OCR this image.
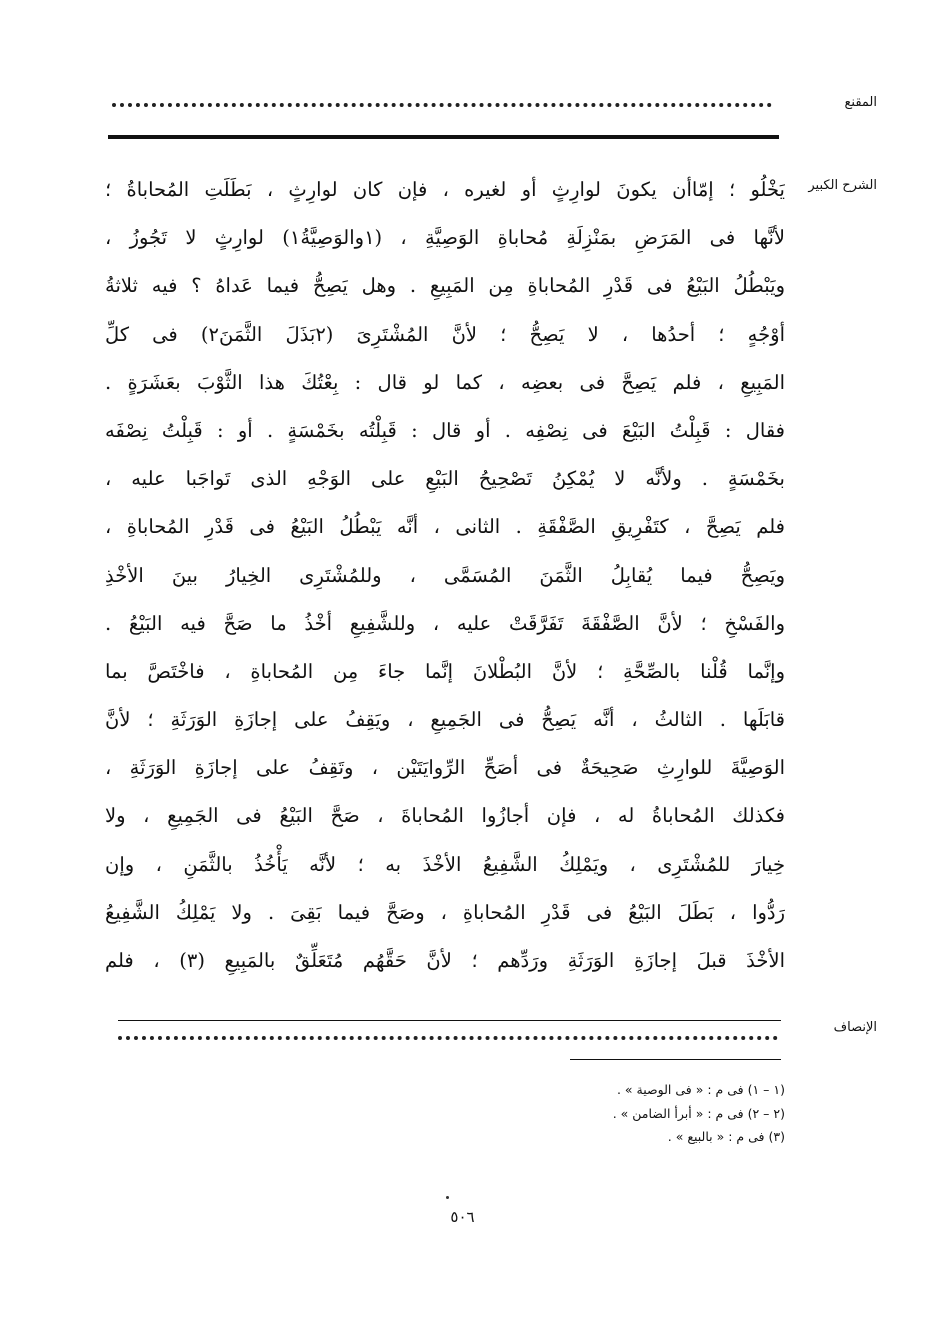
المقنع
الشرح الكبير
يَخْلُو ؛ إمّاأن يكونَ لوارِثٍ أو لغيره ، فإن كان لوارِثٍ ، بَطَلَتِ المُحاباةُ ؛
لأنَّها فى المَرَضِ بمَنْزِلَةِ مُحاباةِ الوَصِيَّةِ ، (١والوَصِيَّةُ١) لوارِثٍ لا تَجُوزُ ،
ويَبْطُلُ البَيْعُ فى قَدْرِ المُحاباةِ مِن المَبِيعِ . وهل يَصِحُّ فيما عَداهُ ؟ فيه ثلاثةُ
أوْجُهٍ ؛ أحدُها ، لا يَصِحُّ ؛ لأنَّ المُشْتَرِىَ (٢بَذَلَ الثَّمَنَ٢) فى كلِّ
المَبِيعِ ، فلم يَصِحَّ فى بعضِه ، كما لو قال : بِعْتُكَ هذا الثَّوْبَ بعَشَرَةٍ .
فقال : قَبِلْتُ البَيْعَ فى نِصْفِه . أو قال : قَبِلْتُه بخَمْسَةٍ . أو : قَبِلْتُ نِصْفَه
بخَمْسَةٍ . ولأنَّه لا يُمْكِنُ تَصْحِيحُ البَيْعِ على الوَجْهِ الذى تَواجَبا عليه ،
فلم يَصِحَّ ، كتَفْرِيقِ الصَّفْقَةِ . الثانى ، أنَّه يَبْطُلُ البَيْعُ فى قَدْرِ المُحاباةِ ،
ويَصِحُّ فيما يُقابِلُ الثَّمَنَ المُسَمَّى ، وللمُشْتَرِى الخِيارُ بينَ الأخْذِ
والفَسْخِ ؛ لأنَّ الصَّفْقَةَ تَفَرَّقَتْ عليه ، وللشَّفِيعِ أخْذُ ما صَحَّ فيه البَيْعُ .
وإنَّما قُلْنا بالصِّحَّةِ ؛ لأنَّ البُطْلانَ إنَّما جاءَ مِن المُحاباةِ ، فاخْتَصَّ بما
قابَلَها . الثالثُ ، أنَّه يَصِحُّ فى الجَمِيعِ ، ويَقِفُ على إجازَةِ الوَرَثَةِ ؛ لأنَّ
الوَصِيَّةَ للوارِثِ صَحِيحَةٌ فى أصَحِّ الرِّوايَتَيْن ، وتَقِفُ على إجازَةِ الوَرَثَةِ ،
فكذلك المُحاباةُ له ، فإن أجازُوا المُحاباةَ ، صَحَّ البَيْعُ فى الجَمِيعِ ، ولا
خِيارَ للمُشْتَرِى ، ويَمْلِكُ الشَّفِيعُ الأخْذَ به ؛ لأنَّه يَأْخُذُ بالثَّمَنِ ، وإن
رَدُّوا ، بَطَلَ البَيْعُ فى قَدْرِ المُحاباةِ ، وصَحَّ فيما بَقِىَ . ولا يَمْلِكُ الشَّفِيعُ
الأخْذَ قبلَ إجازَةِ الوَرَثَةِ ورَدِّهم ؛ لأنَّ حَقَّهُم مُتَعَلِّقٌ بالمَبِيعِ (٣) ، فلم
الإنصاف
(١ – ١) فى م : « فى الوصية » .
(٢ – ٢) فى م : « أبرأ الضامن » .
(٣) فى م : « بالبيع » .
٥٠٦
